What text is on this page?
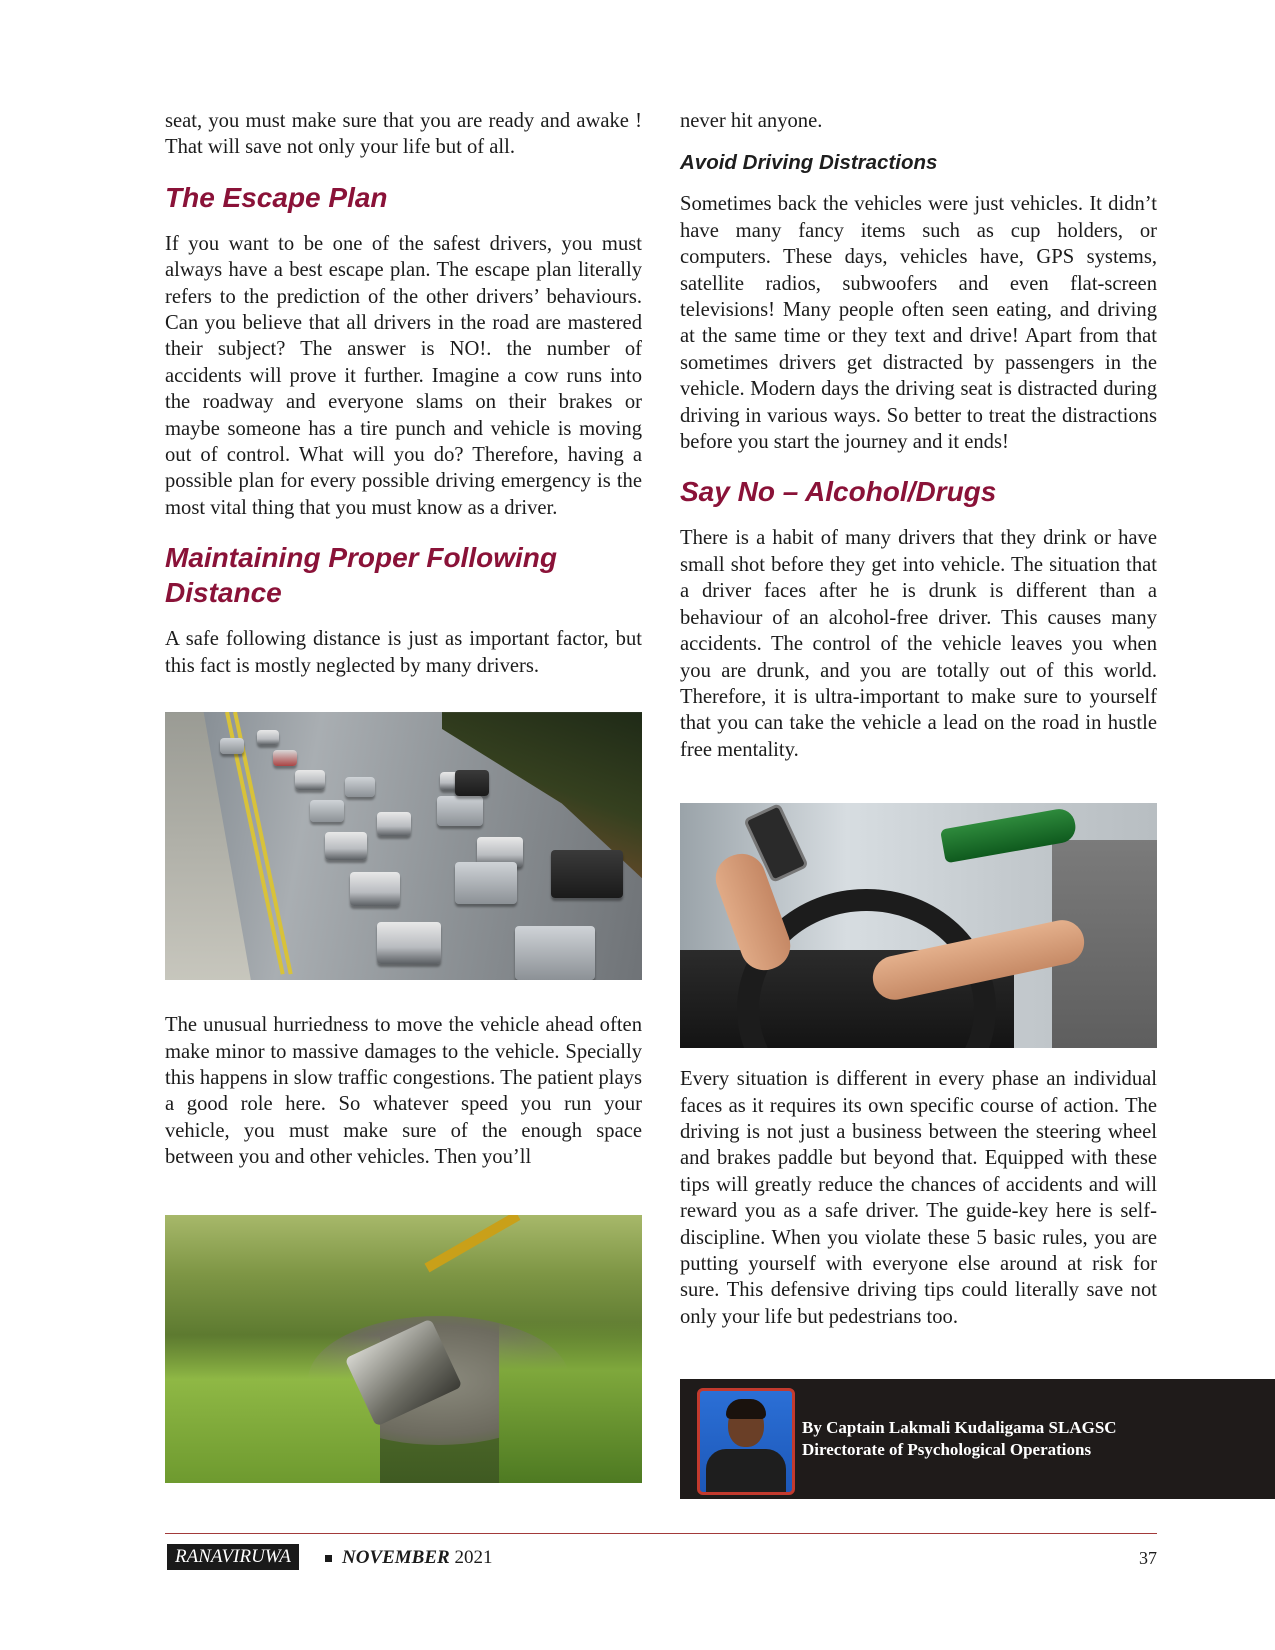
seat, you must make sure that you are ready and awake ! That will save not only your life but of all.

The Escape Plan

If you want to be one of the safest drivers, you must always have a best escape plan. The escape plan literally refers to the prediction of the other drivers’ behaviours. Can you believe that all drivers in the road are mastered their subject? The answer is NO!. the number of accidents will prove it further. Imagine a cow runs into the roadway and everyone slams on their brakes or maybe someone has a tire punch and vehicle is moving out of control. What will you do? Therefore, having a possible plan for every possible driving emergency is the most vital thing that you must know as a driver.

Maintaining Proper Following Distance

A safe following distance is just as important factor, but this fact is mostly neglected by many drivers.

The unusual hurriedness to move the vehicle ahead often make minor to massive damages to the vehicle. Specially this happens in slow traffic congestions. The patient plays a good role here. So whatever speed you run your vehicle, you must make sure of the enough space between you and other vehicles. Then you’ll

never hit anyone.

Avoid Driving Distractions

Sometimes back the vehicles were just vehicles. It didn’t have many fancy items such as cup holders, or computers. These days, vehicles have, GPS systems, satellite radios, subwoofers and even flat-screen televisions! Many people often seen eating, and driving at the same time or they text and drive! Apart from that sometimes drivers get distracted by passengers in the vehicle. Modern days the driving seat is distracted during driving in various ways. So better to treat the distractions before you start the journey and it ends!

Say No – Alcohol/Drugs

There is a habit of many drivers that they drink or have small shot before they get into vehicle. The situation that a driver faces after he is drunk is different than a behaviour of an alcohol-free driver. This causes many accidents. The control of the vehicle leaves you when you are drunk, and you are totally out of this world. Therefore, it is ultra-important to make sure to yourself that you can take the vehicle a lead on the road in hustle free mentality.

Every situation is different in every phase an individual faces as it requires its own specific course of action. The driving is not just a business between the steering wheel and brakes paddle but beyond that. Equipped with these tips will greatly reduce the chances of accidents and will reward you as a safe driver. The guide-key here is self-discipline. When you violate these 5 basic rules, you are putting yourself with everyone else around at risk for sure. This defensive driving tips could literally save not only your life but pedestrians too.

By Captain Lakmali Kudaligama SLAGSC
Directorate of Psychological Operations
RANAVIRUWA	NOVEMBER 2021	37
